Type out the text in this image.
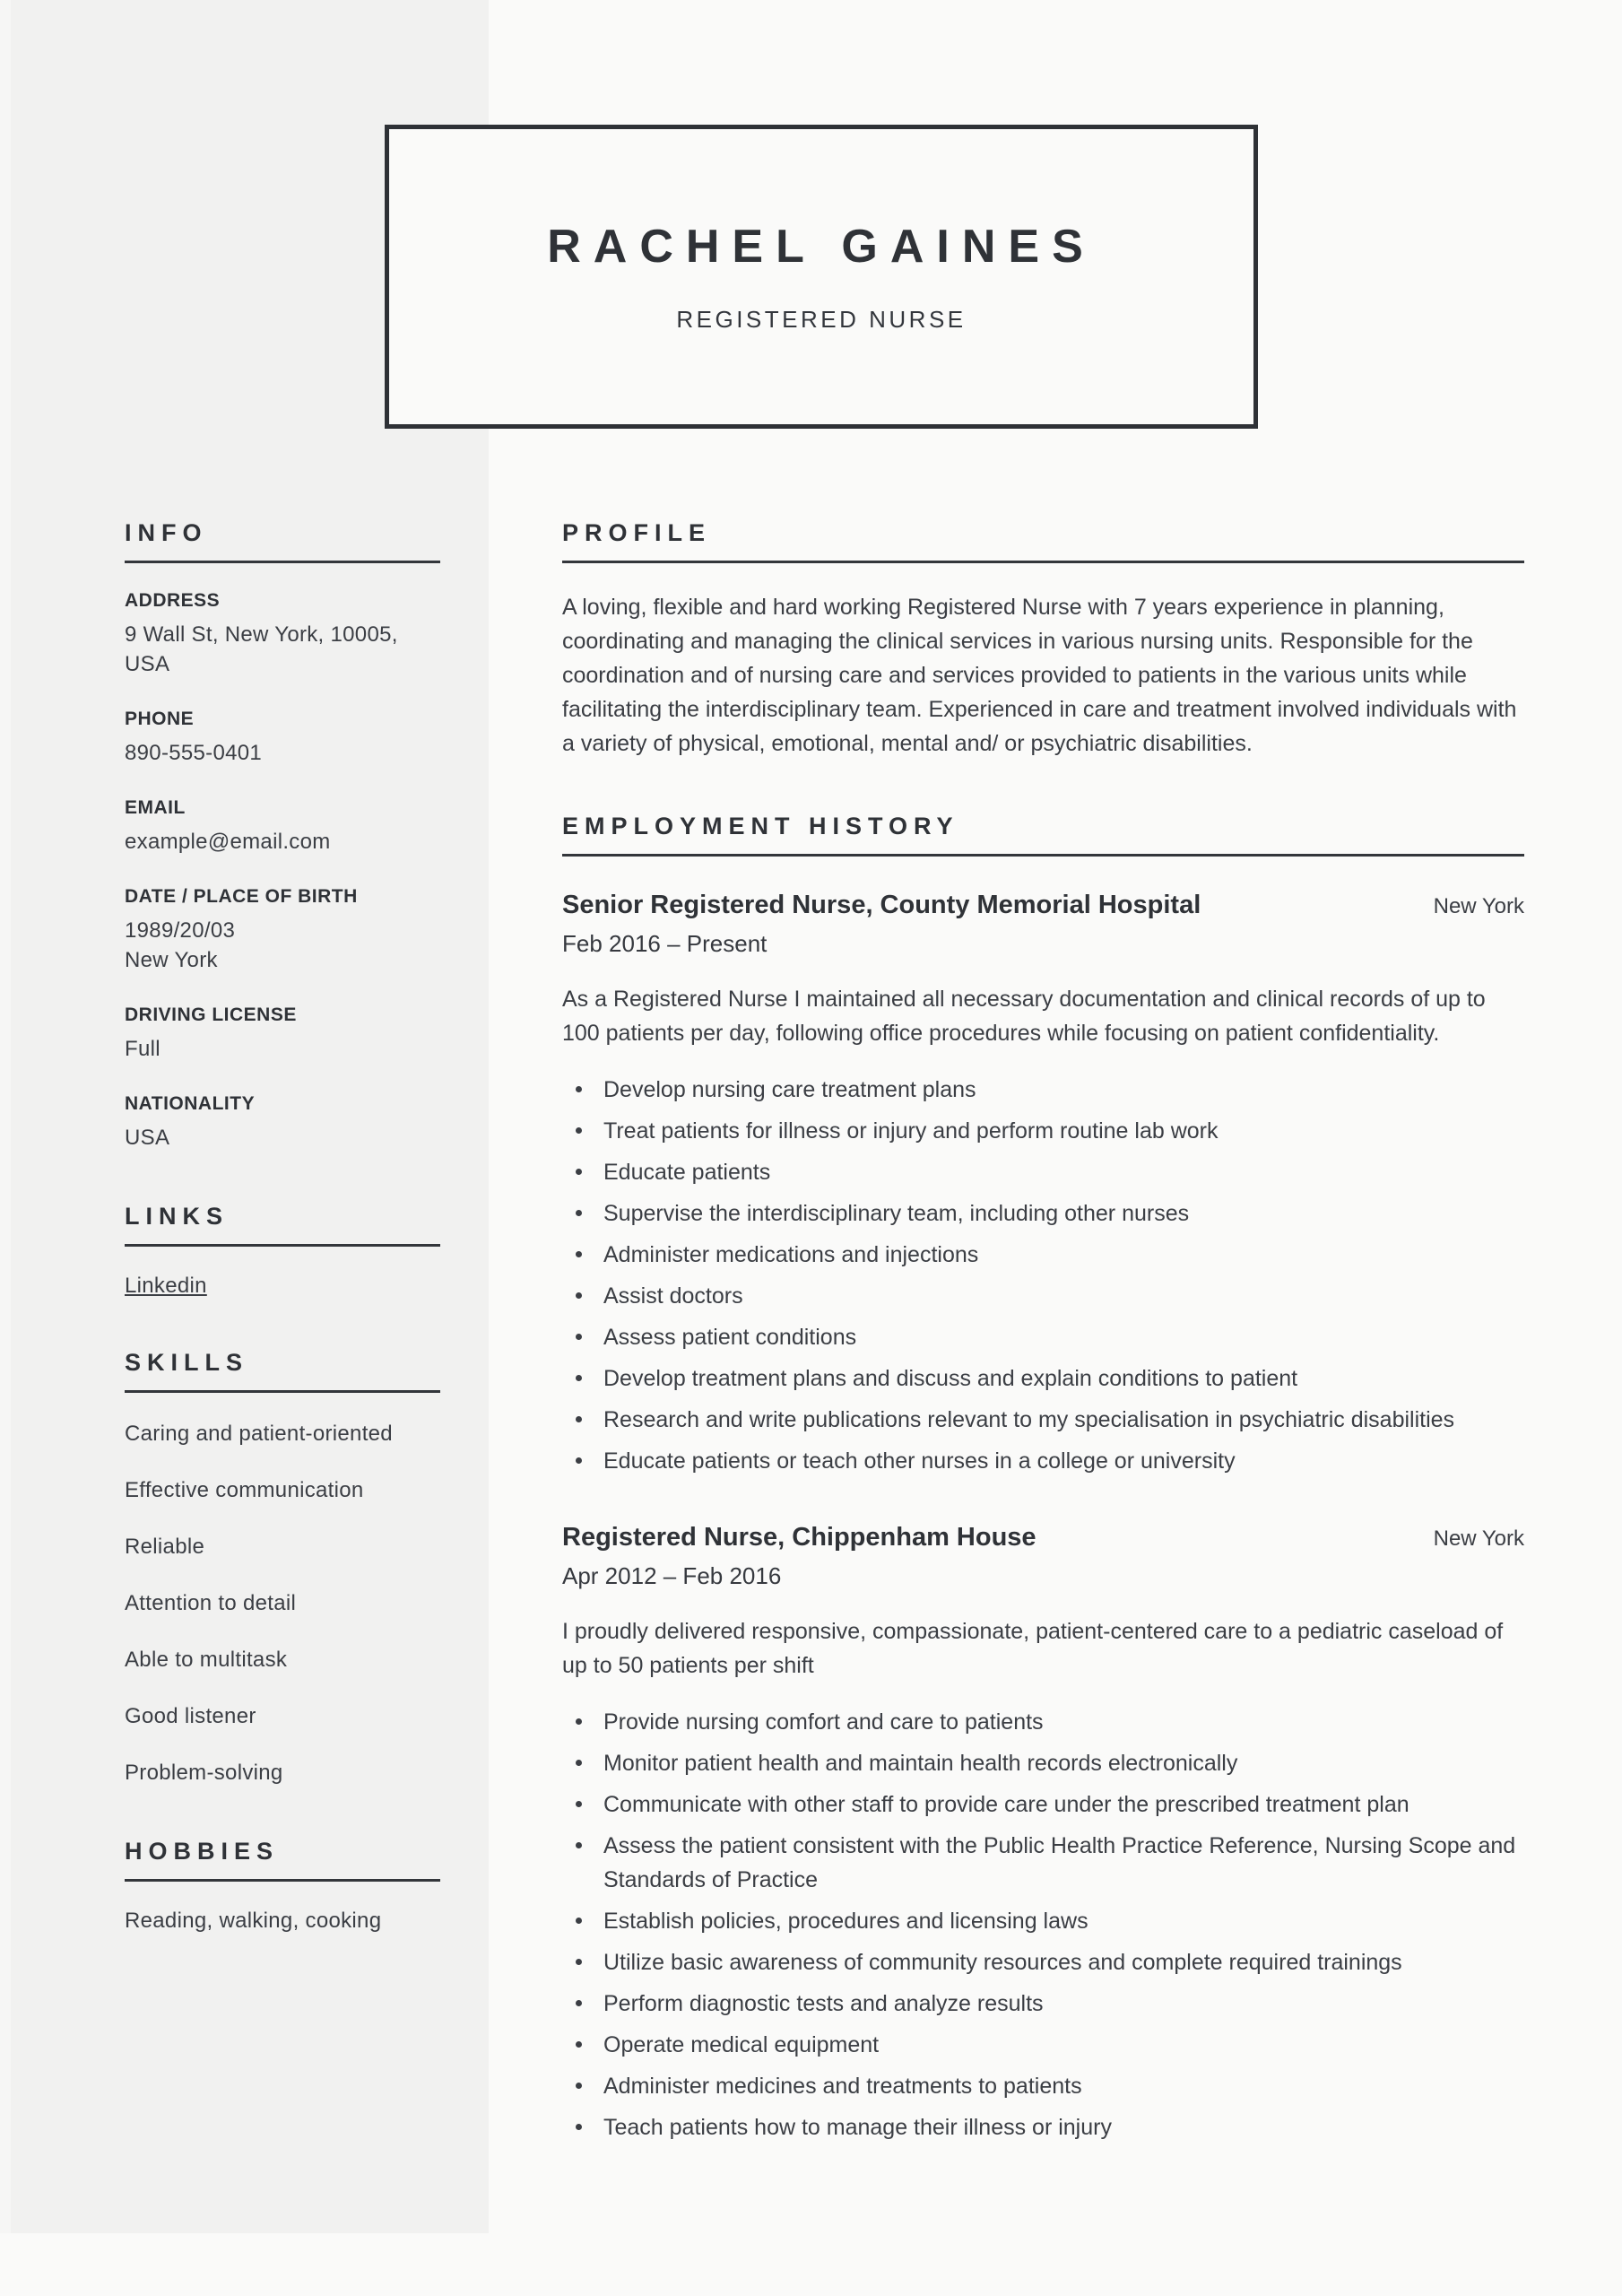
RACHEL GAINES
REGISTERED NURSE
INFO
ADDRESS
9 Wall St, New York, 10005, USA
PHONE
890-555-0401
EMAIL
example@email.com
DATE / PLACE OF BIRTH
1989/20/03
New York
DRIVING LICENSE
Full
NATIONALITY
USA
LINKS
Linkedin
SKILLS
Caring and patient-oriented
Effective communication
Reliable
Attention to detail
Able to multitask
Good listener
Problem-solving
HOBBIES
Reading, walking, cooking
PROFILE

A loving, flexible and hard working Registered Nurse with 7 years experience in planning, coordinating and managing the clinical services in various nursing units. Responsible for the coordination and of nursing care and services provided to patients in the various units while facilitating the interdisciplinary team. Experienced in care and treatment involved individuals with a variety of physical, emotional, mental and/ or psychiatric disabilities.

EMPLOYMENT HISTORY
Senior Registered Nurse, County Memorial Hospital	New York
Feb 2016 – Present

As a Registered Nurse I maintained all necessary documentation and clinical records of up to 100 patients per day, following office procedures while focusing on patient confidentiality.

Develop nursing care treatment plans
Treat patients for illness or injury and perform routine lab work
Educate patients
Supervise the interdisciplinary team, including other nurses
Administer medications and injections
Assist doctors
Assess patient conditions
Develop treatment plans and discuss and explain conditions to patient
Research and write publications relevant to my specialisation in psychiatric disabilities
Educate patients or teach other nurses in a college or university
Registered Nurse, Chippenham House	New York
Apr 2012 – Feb 2016

I proudly delivered responsive, compassionate, patient-centered care to a pediatric caseload of up to 50 patients per shift

Provide nursing comfort and care to patients
Monitor patient health and maintain health records electronically
Communicate with other staff to provide care under the prescribed treatment plan
Assess the patient consistent with the Public Health Practice Reference, Nursing Scope and Standards of Practice
Establish policies, procedures and licensing laws
Utilize basic awareness of community resources and complete required trainings
Perform diagnostic tests and analyze results
Operate medical equipment
Administer medicines and treatments to patients
Teach patients how to manage their illness or injury
